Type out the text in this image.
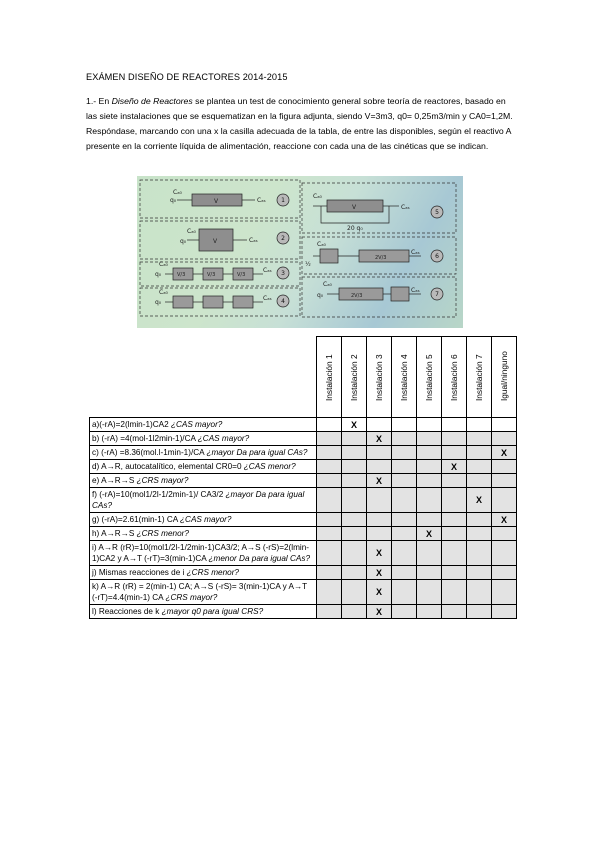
EXÁMEN DISEÑO DE REACTORES 2014-2015
1.- En Diseño de Reactores se plantea un test de conocimiento general sobre teoría de reactores, basado en las siete instalaciones que se esquematizan en la figura adjunta, siendo V=3m3, q0= 0,25m3/min y CA0=1,2M. Respóndase, marcando con una x la casilla adecuada de la tabla, de entre las disponibles, según el reactivo A presente en la corriente líquida de alimentación, reaccione con cada una de las cinéticas que se indican.
Cₐ₀
q₀	V	Cₐₛ
Cₐ₀
q₀	V	Cₐₛ
Cₐ₀
q₀	V/3	V/3	V/3
Cₐₛ
Cₐ₀
q₀
Cₐₛ
Cₐ₀
V
20 q₀
Cₐₛ
Cₐ₀
½
2V/3
Cₐₛ
Cₐ₀
q₀	2V/3
Cₐₛ
1
2
3
4
5
6
7

	Instalación 1	Instalación 2	Instalación 3	Instalación 4	Instalación 5	Instalación 6	Instalación 7	Igual/ninguno

a)(-rA)=2(lmin-1)CA2 ¿CAS mayor?		X						
b) (-rA) =4(mol-1l2min-1)/CA ¿CAS mayor?			X					
c) (-rA) =8.36(mol.l-1min-1)/CA ¿mayor Da para igual CAs?								X
d) A→R, autocatalítico, elemental CR0=0 ¿CAS menor?						X		
e) A→R→S ¿CRS mayor?			X					
f) (-rA)=10(mol1/2l-1/2min-1)/ CA3/2 ¿mayor Da para igual CAs?							X	
g) (-rA)=2.61(min-1) CA ¿CAS mayor?								X
h) A→R→S ¿CRS menor?					X			
i) A→R (rR)=10(mol1/2l-1/2min-1)CA3/2; A→S (-rS)=2(lmin-1)CA2 y A→T (-rT)=3(min-1)CA ¿menor Da para igual CAs?			X					
j) Mismas reacciones de i ¿CRS menor?			X					
k) A→R (rR) = 2(min-1) CA; A→S (-rS)= 3(min-1)CA y A→T (-rT)=4.4(min-1) CA ¿CRS mayor?			X					
l) Reacciones de k ¿mayor q0 para igual CRS?			X					
